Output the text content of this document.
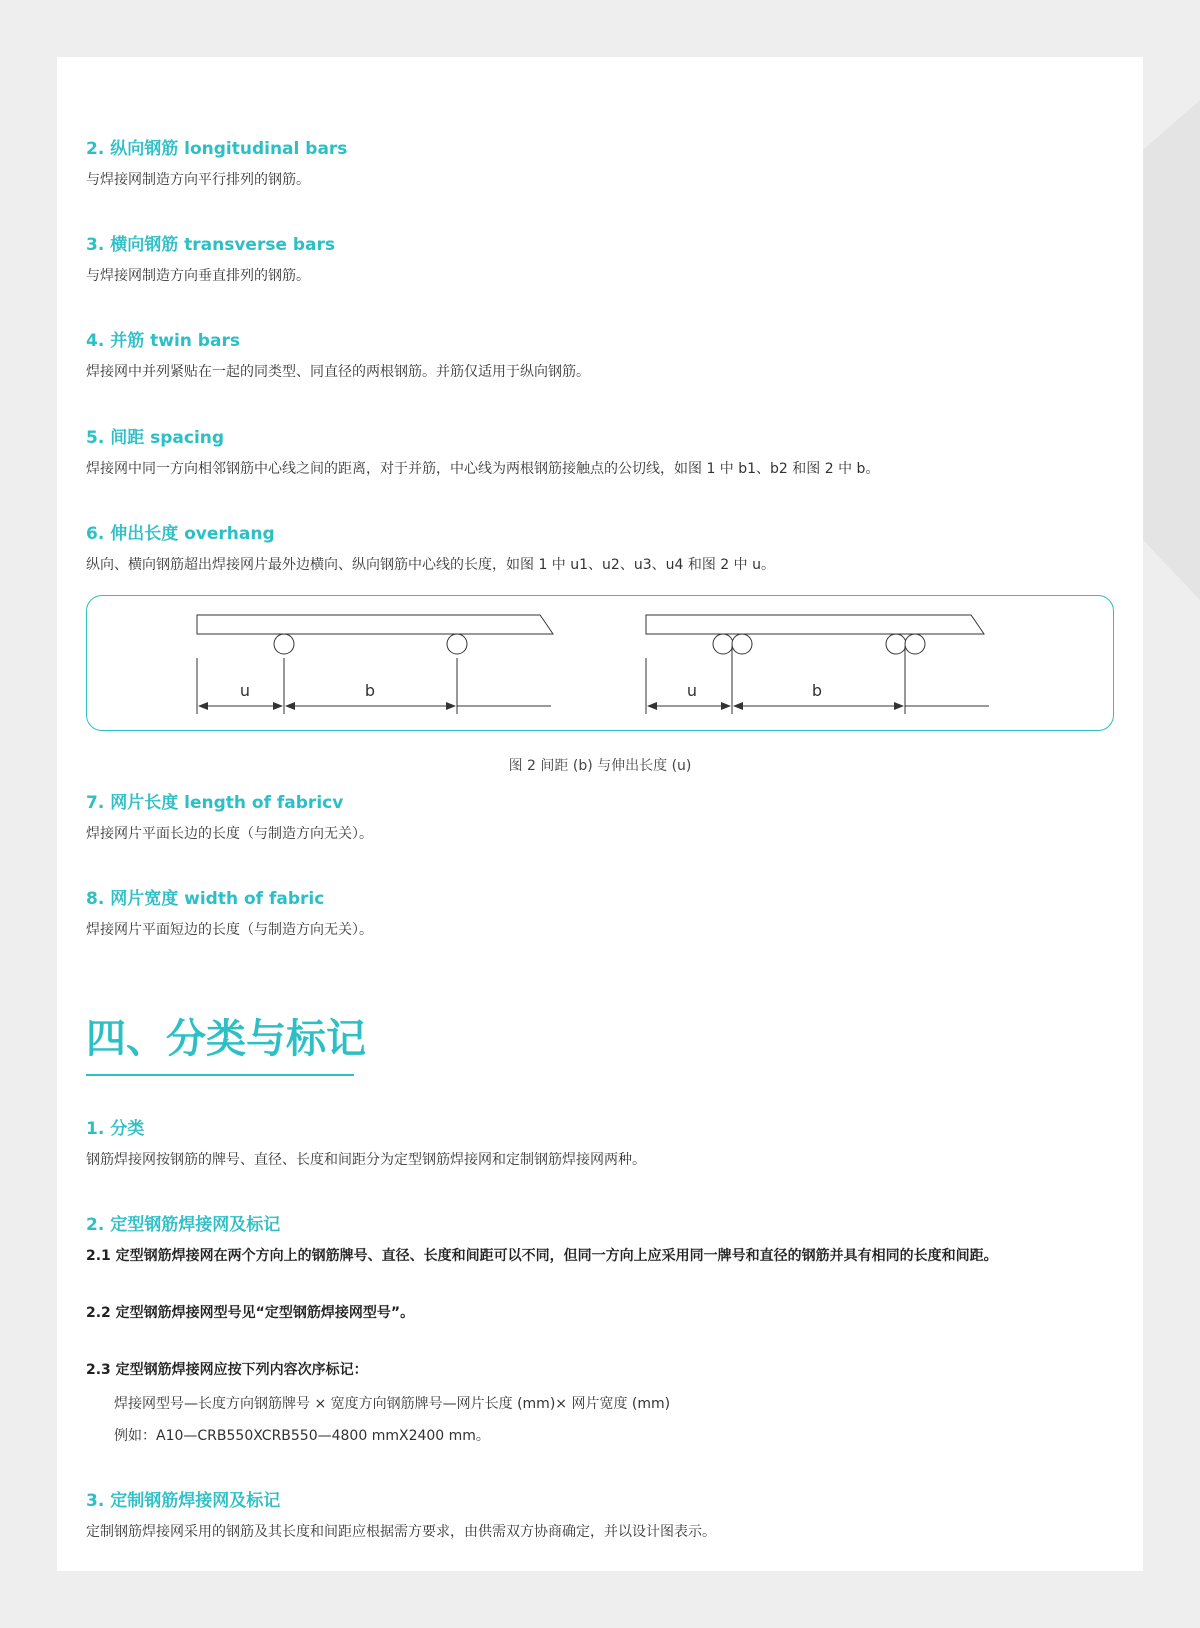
2. 纵向钢筋 longitudinal bars

与焊接网制造方向平行排列的钢筋。

3. 横向钢筋 transverse bars

与焊接网制造方向垂直排列的钢筋。

4. 并筋 twin bars

焊接网中并列紧贴在一起的同类型、同直径的两根钢筋。并筋仅适用于纵向钢筋。

5. 间距 spacing

焊接网中同一方向相邻钢筋中心线之间的距离，对于并筋，中心线为两根钢筋接触点的公切线，如图 1 中 b1、b2 和图 2 中 b。

6. 伸出长度 overhang

纵向、横向钢筋超出焊接网片最外边横向、纵向钢筋中心线的长度，如图 1 中 u1、u2、u3、u4 和图 2 中 u。

u	b	u	b

图 2 间距 (b) 与伸出长度 (u)

7. 网片长度 length of fabricv

焊接网片平面长边的长度（与制造方向无关）。

8. 网片宽度 width of fabric

焊接网片平面短边的长度（与制造方向无关）。

四、分类与标记
1. 分类

钢筋焊接网按钢筋的牌号、直径、长度和间距分为定型钢筋焊接网和定制钢筋焊接网两种。

2. 定型钢筋焊接网及标记

2.1 定型钢筋焊接网在两个方向上的钢筋牌号、直径、长度和间距可以不同，但同一方向上应采用同一牌号和直径的钢筋并具有相同的长度和间距。

2.2 定型钢筋焊接网型号见“定型钢筋焊接网型号”。

2.3 定型钢筋焊接网应按下列内容次序标记：

焊接网型号—长度方向钢筋牌号 × 宽度方向钢筋牌号—网片长度 (mm)× 网片宽度 (mm)

例如：A10—CRB550XCRB550—4800 mmX2400 mm。

3. 定制钢筋焊接网及标记

定制钢筋焊接网采用的钢筋及其长度和间距应根据需方要求，由供需双方协商确定，并以设计图表示。
